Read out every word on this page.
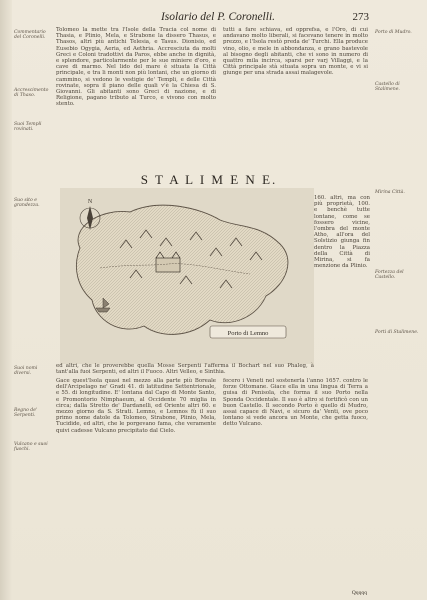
Isolario del P. Coronelli.	273
Commentario del Coronelli.
Accrescimento di Thaso.
Suoi Templi rovinati.
Suo sito e grandezza.
Suoi nomi diversi.
Regno de' Serpenti.
Vulcano e suoi fuochi.
Porto di Mudro.
Castello di Stalimene.
Mirina Città.
Fortezza del Castello.
Porti di Stalimene.
Tolomeo la mette tra l'Isole della Tracia col nome di Thasia, e Plinio, Mela, e Strabone la dissero Thasus, e Thasos, altri più antichi Telesia, e Tasus. Dionisio, ed Eusebio Ogygia, Aeria, ed Aethria. Accresciuta da molti Greci e Coloni tradottivi da Paros, ebbe anche in dignità, e splendore, particolarmente per le sue miniere d'oro, e cave di marmo. Nel lido del mare è situata la Città principale, e tra li monti non più lontani, che un giorno di cammino, si vedono le vestigie de' Templi, e delle Città rovinate, sopra il piano delle quali v'è la Chiesa di S. Giovanni. Gli abitanti sono Greci di nazione, e di Religione, pagano tributo al Turco, e vivono con molto stento.
tutti a fare schiava, ed opprefsa, e l'Oro, di cui andavano molto liberali, si facevano tenere in molto prezzo, e l'Isola restò preda de' Turchi. Ella produce vino, olio, e mele in abbondanza, e grano bastevole al bisogno degli abitanti, che vi sono in numero di quattro mila incirca, sparsi per varj Villaggi, e la Città principale stà situata sopra un monte, e vi si giunge per una strada assai malagevole.
S T A L I M E N E.
N
Porto di Lemno
160. altri, ma con più proprietà, 100. e benchè tutte lontane, come se fossero vicine, l'ombra del monte Atho, all'ora del Solstizio giunga fin dentro la Piazza della Città di Mirina, si fa menzione da Plinio.
ed altri, che le proverebbe quella Mosse Serpenti l'afferma il Bochart nel suo Phaleg, à tant'alla fuoi Serpenti, ed altri il Fuoco. Altri Velleo, e Sinthia.
Gace quest'Isola quasi nel mezzo alla parte più Boreale dell'Arcipelago ne' Gradi 41. di latitudine Settentrionale, e 55. di longitudine. E' lontana dal Capo di Monte Santo, e Promontorio Nimphaeum, al Occidente 70 miglia in circa; dalla Stretto de' Dardanelli, ed Oriente altri 60. e mezzo giorno da S. Strati. Lemno, e Lemnos fù il suo primo nome datole da Tolomeo, Strabone, Plinio, Mela, Tucidide, ed altri, che le porgevano fama, che veramente quivi cadesse Vulcano precipitato dal Cielo.
fecero i Veneti nel sostenerla l'anno 1657. contro le forze Ottomane. Giace ella in una lingua di Terra a guisa di Penisola, che forma il suo Porto nella Sponda Occidentale. Il suo è altro si fortificò con un buon Castello. Il secondo Porto è quello di Mudro, assai capace di Navi, e sicuro da' Venti, ove poco lontano si vede ancora un Monte, che getta fuoco, detto Vulcano.
Qqqqq
